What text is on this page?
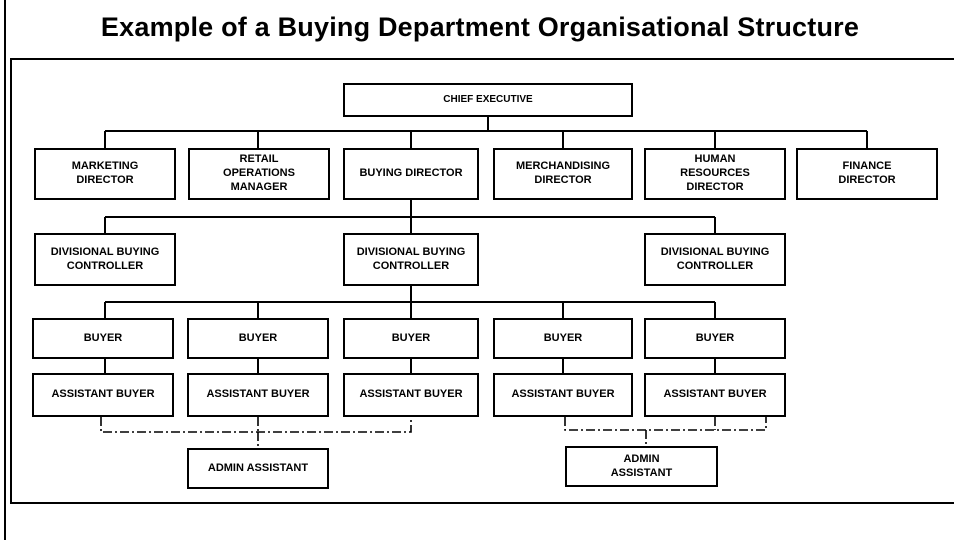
Example of a Buying Department Organisational Structure
CHIEF EXECUTIVE
MARKETING
DIRECTOR
RETAIL
OPERATIONS
MANAGER
BUYING DIRECTOR
MERCHANDISING
DIRECTOR
HUMAN
RESOURCES
DIRECTOR
FINANCE
DIRECTOR
DIVISIONAL BUYING
CONTROLLER
DIVISIONAL BUYING
CONTROLLER
DIVISIONAL BUYING
CONTROLLER
BUYER	BUYER	BUYER	BUYER	BUYER
ASSISTANT BUYER	ASSISTANT BUYER	ASSISTANT BUYER	ASSISTANT BUYER	ASSISTANT BUYER
ADMIN ASSISTANT
ADMIN
ASSISTANT
